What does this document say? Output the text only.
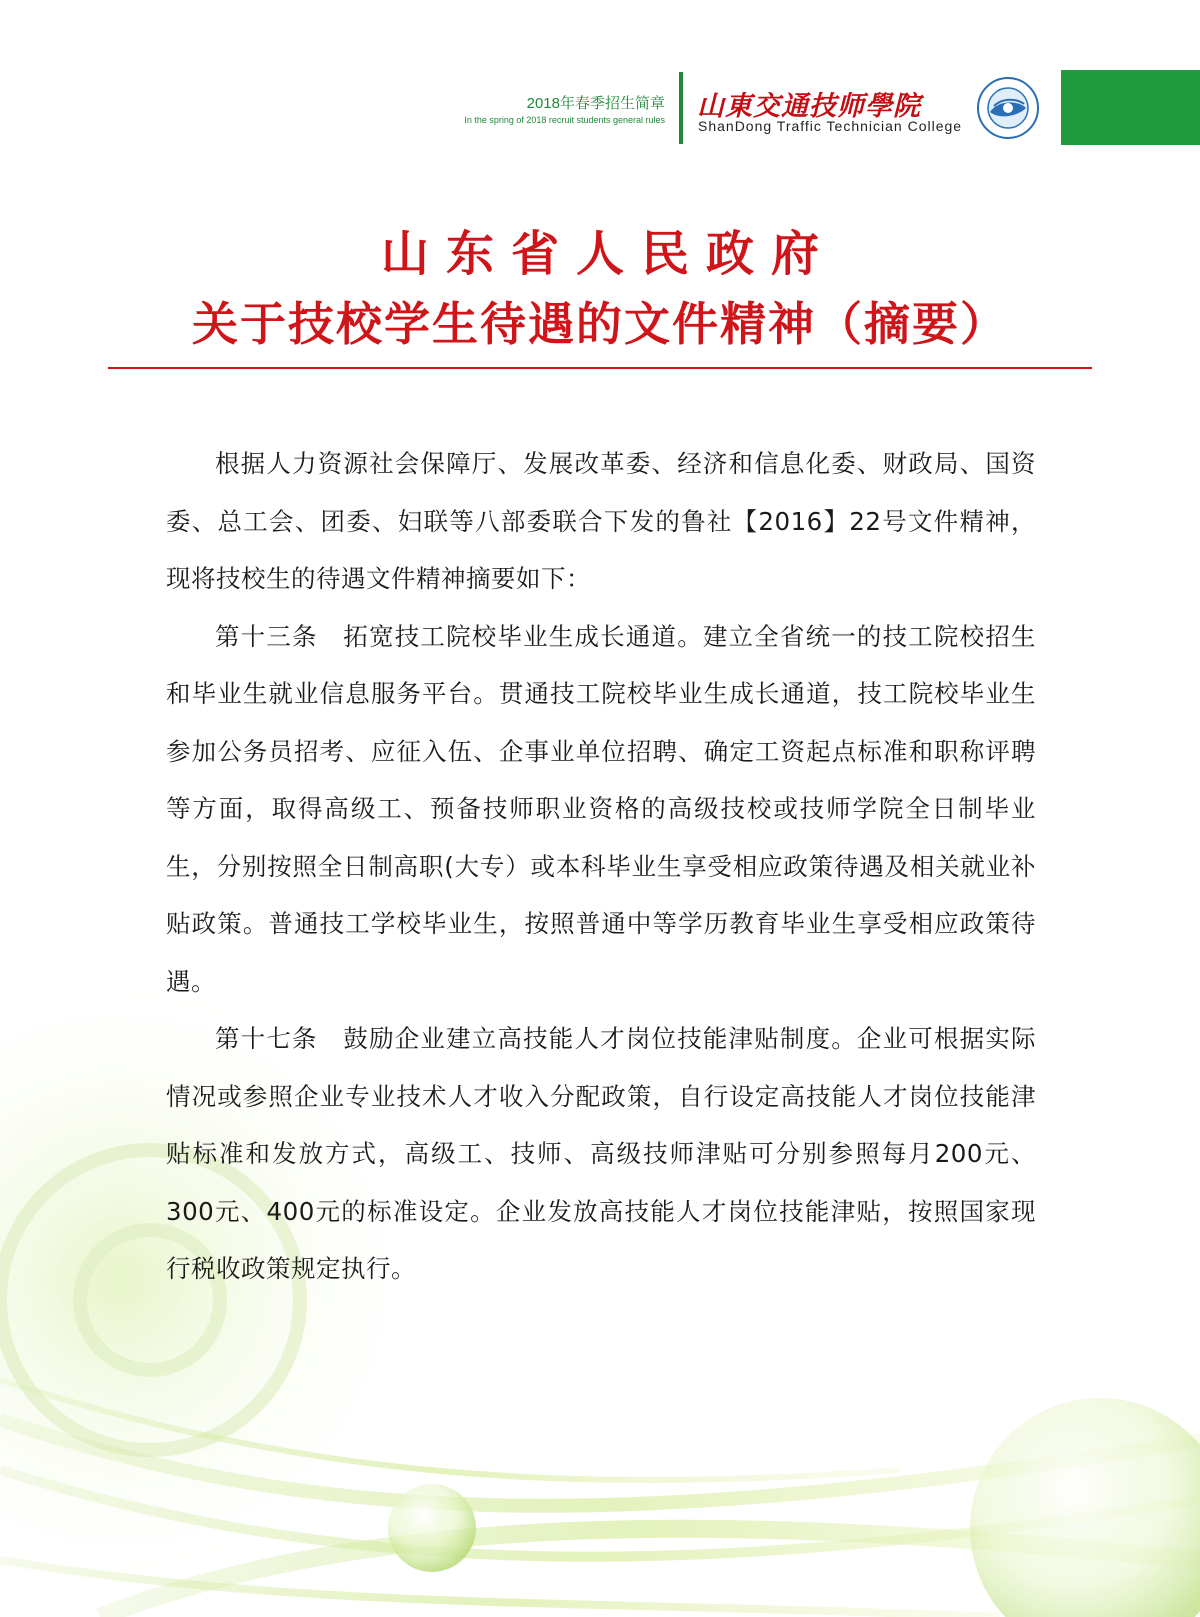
2018年春季招生简章
In the spring of 2018 recruit students general rules 山東交通技师學院
ShanDong Traffic Technician College
山东省人民政府
关于技校学生待遇的文件精神（摘要）

根据人力资源社会保障厅、发展改革委、经济和信息化委、财政局、国资委、总工会、团委、妇联等八部委联合下发的鲁社【2016】22号文件精神，现将技校生的待遇文件精神摘要如下：

第十三条　拓宽技工院校毕业生成长通道。建立全省统一的技工院校招生和毕业生就业信息服务平台。贯通技工院校毕业生成长通道，技工院校毕业生参加公务员招考、应征入伍、企事业单位招聘、确定工资起点标准和职称评聘等方面，取得高级工、预备技师职业资格的高级技校或技师学院全日制毕业生，分别按照全日制高职(大专）或本科毕业生享受相应政策待遇及相关就业补贴政策。普通技工学校毕业生，按照普通中等学历教育毕业生享受相应政策待遇。

第十七条　鼓励企业建立高技能人才岗位技能津贴制度。企业可根据实际情况或参照企业专业技术人才收入分配政策，自行设定高技能人才岗位技能津贴标准和发放方式，高级工、技师、高级技师津贴可分别参照每月200元、300元、400元的标准设定。企业发放高技能人才岗位技能津贴，按照国家现行税收政策规定执行。
